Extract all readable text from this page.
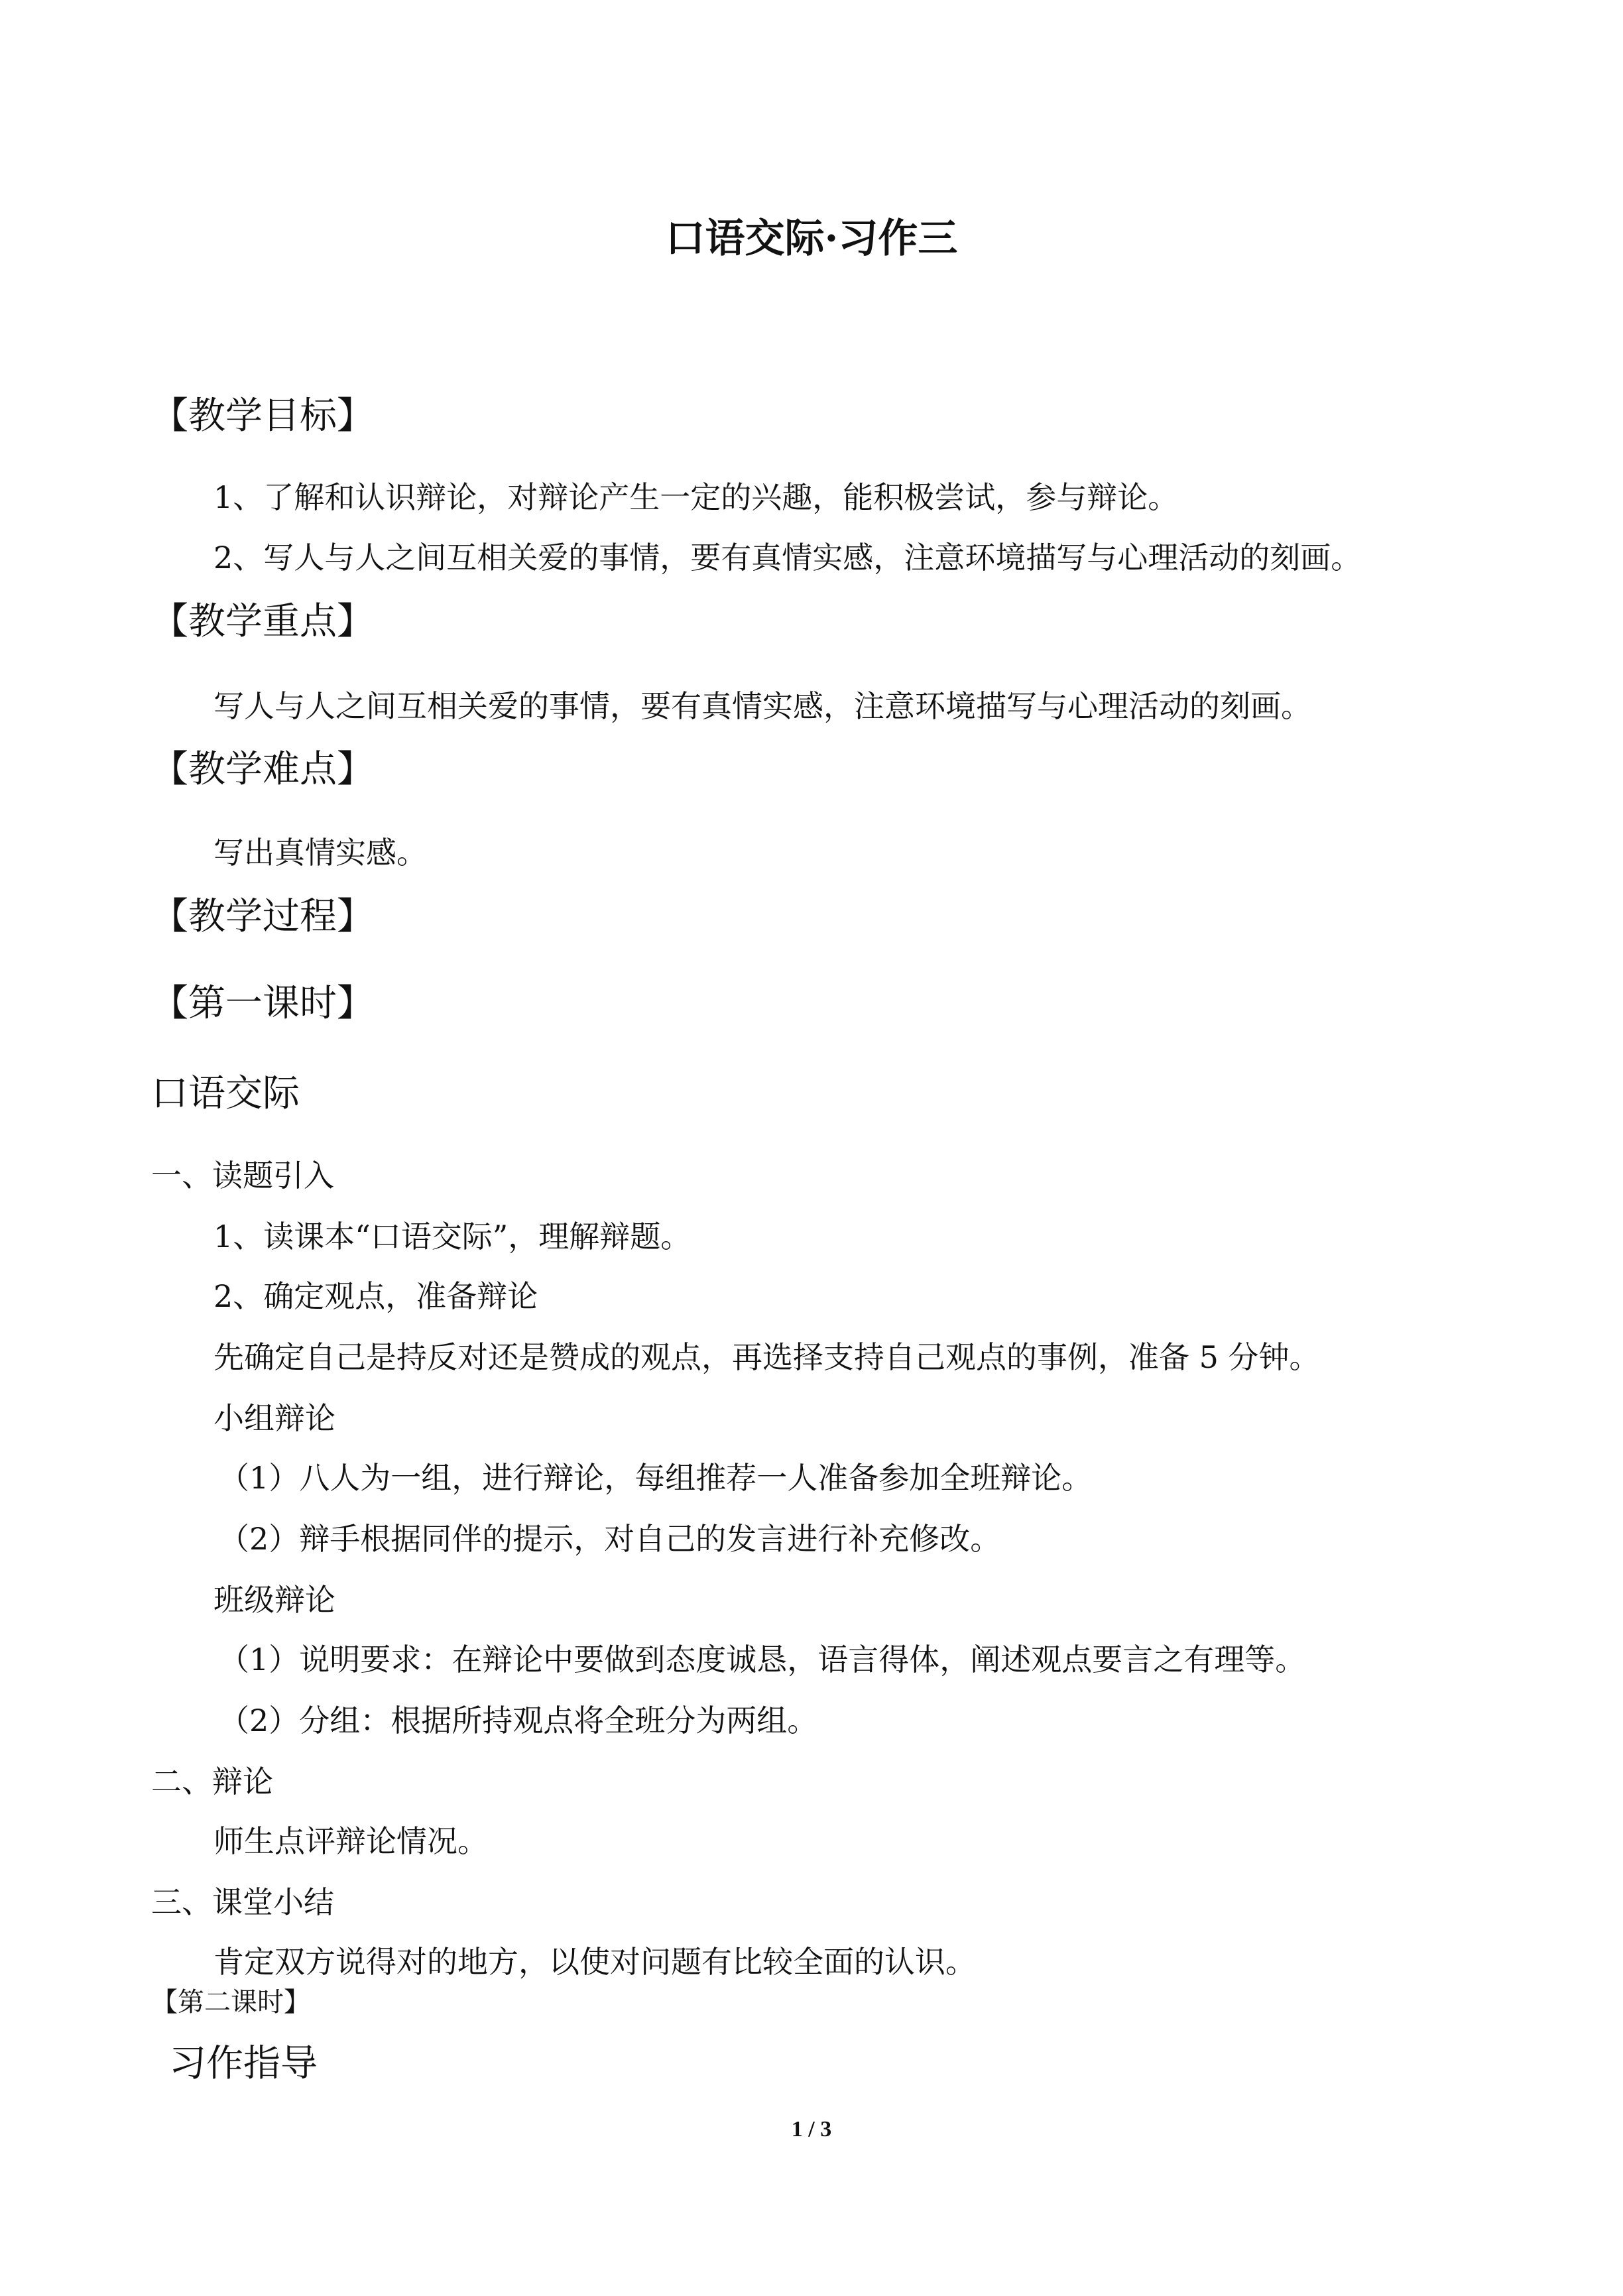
口语交际·习作三
【教学目标】
1、了解和认识辩论，对辩论产生一定的兴趣，能积极尝试，参与辩论。
2、写人与人之间互相关爱的事情，要有真情实感，注意环境描写与心理活动的刻画。
【教学重点】
写人与人之间互相关爱的事情，要有真情实感，注意环境描写与心理活动的刻画。
【教学难点】
写出真情实感。
【教学过程】
【第一课时】
口语交际
一、读题引入
1、读课本“口语交际”，理解辩题。
2、确定观点，准备辩论
先确定自己是持反对还是赞成的观点，再选择支持自己观点的事例，准备 5 分钟。
小组辩论
（1）八人为一组，进行辩论，每组推荐一人准备参加全班辩论。
（2）辩手根据同伴的提示，对自己的发言进行补充修改。
班级辩论
（1）说明要求：在辩论中要做到态度诚恳，语言得体，阐述观点要言之有理等。
（2）分组：根据所持观点将全班分为两组。
二、辩论
师生点评辩论情况。
三、课堂小结
肯定双方说得对的地方，以使对问题有比较全面的认识。
【第二课时】
习作指导
1 / 3
